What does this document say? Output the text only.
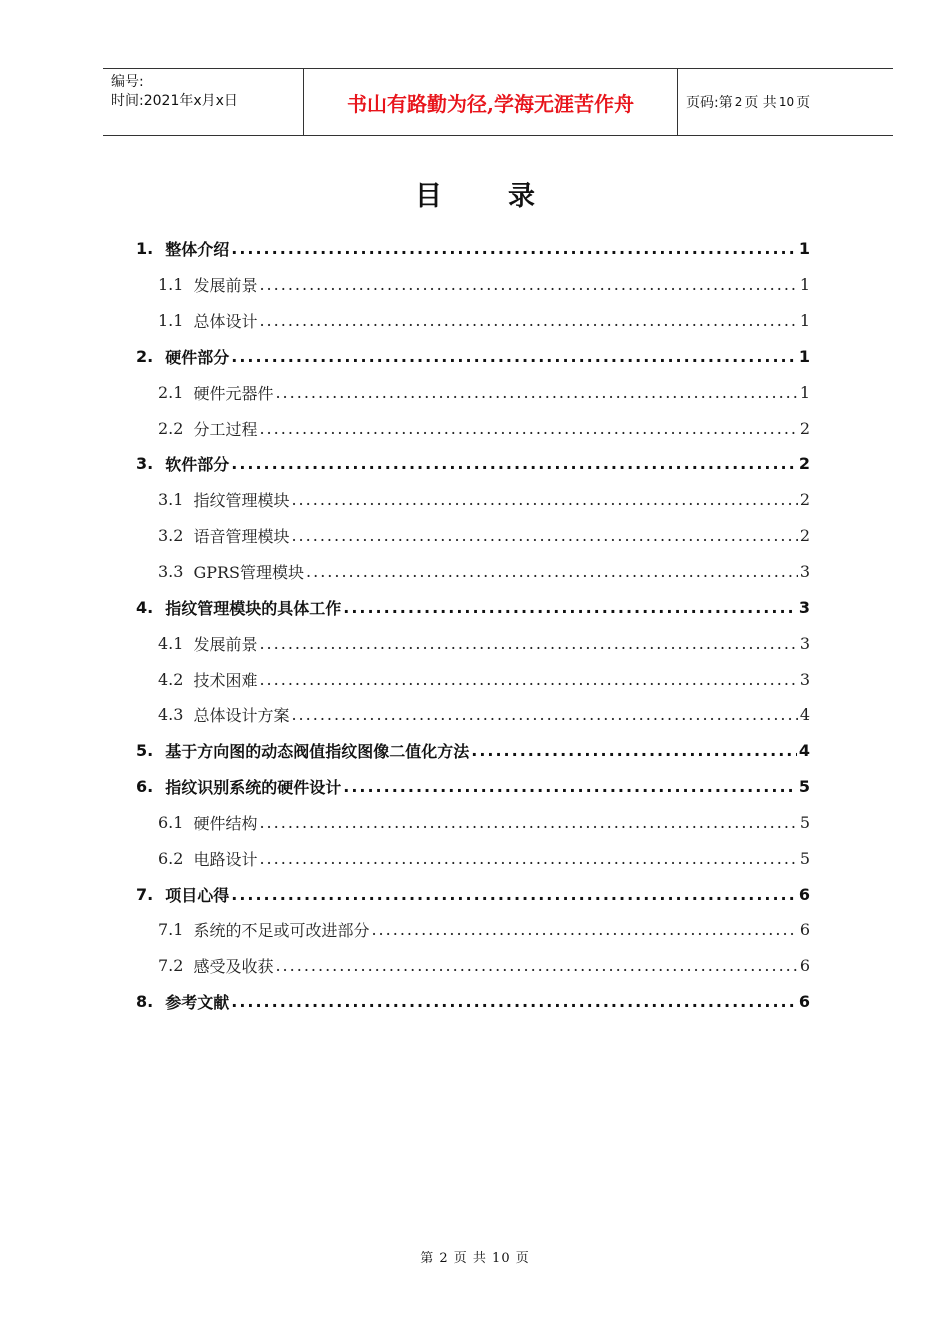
编号:
时间:2021年x月x日	书山有路勤为径,学海无涯苦作舟	页码:第 2 页 共 10 页
目 录
1. 整体介绍 .....	1
1.1 发展前景 .....	1
1.1 总体设计 .....	1
2. 硬件部分 .....	1
2.1 硬件元器件 .....	1
2.2 分工过程 .....	2
3. 软件部分 .....	2
3.1 指纹管理模块 .....	2
3.2 语音管理模块 .....	2
3.3 GPRS管理模块 .....	3
4. 指纹管理模块的具体工作 .....	3
4.1 发展前景 .....	3
4.2 技术困难 .....	3
4.3 总体设计方案 .....	4
5. 基于方向图的动态阀值指纹图像二值化方法 .....	4
6. 指纹识别系统的硬件设计 .....	5
6.1 硬件结构 .....	5
6.2 电路设计 .....	5
7. 项目心得 .....	6
7.1 系统的不足或可改进部分 .....	6
7.2 感受及收获 .....	6
8. 参考文献 .....	6
第 2 页 共 10 页
